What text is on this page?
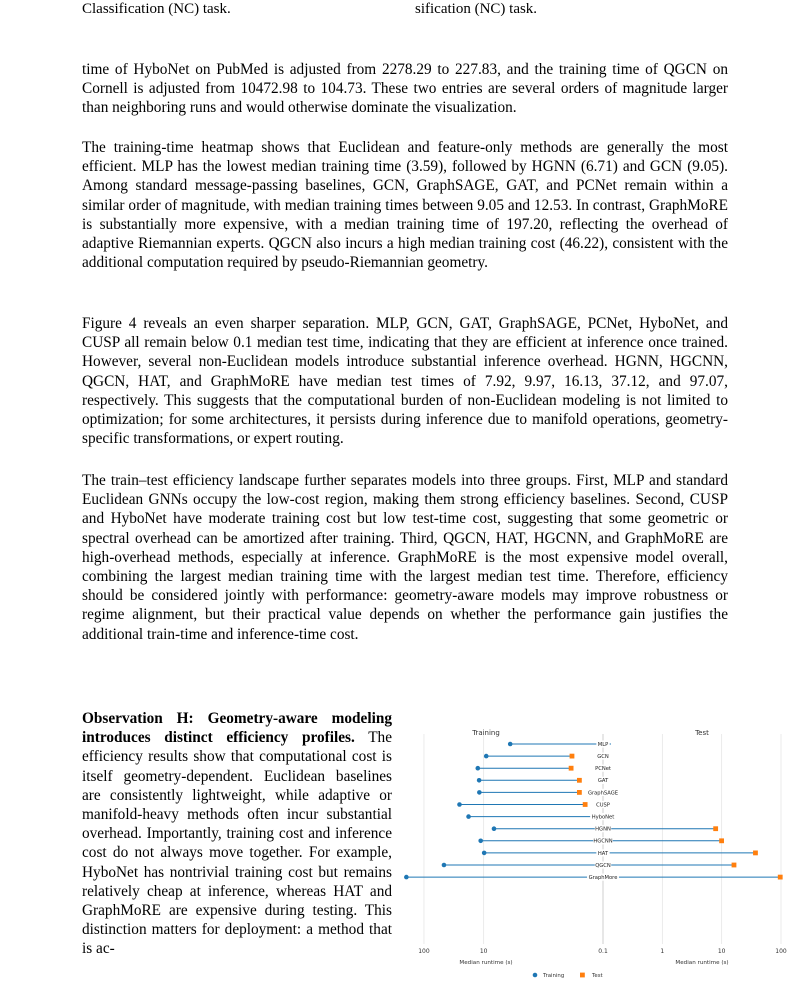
Classification (NC) task.	sification (NC) task.

time of HyboNet on PubMed is adjusted from 2278.29 to 227.83, and the training time of QGCN on Cornell is adjusted from 10472.98 to 104.73. These two entries are several orders of magnitude larger than neighboring runs and would otherwise dominate the visualization.

The training-time heatmap shows that Euclidean and feature-only methods are generally the most efficient. MLP has the lowest median training time (3.59), followed by HGNN (6.71) and GCN (9.05). Among standard message-passing baselines, GCN, GraphSAGE, GAT, and PCNet remain within a similar order of magnitude, with median training times between 9.05 and 12.53. In contrast, GraphMoRE is substantially more expensive, with a median training time of 197.20, reflecting the overhead of adaptive Riemannian experts. QGCN also incurs a high median training cost (46.22), consistent with the additional computation required by pseudo-Riemannian geometry.

Figure 4 reveals an even sharper separation. MLP, GCN, GAT, GraphSAGE, PCNet, HyboNet, and CUSP all remain below 0.1 median test time, indicating that they are efficient at inference once trained. However, several non-Euclidean models introduce substantial inference overhead. HGNN, HGCNN, QGCN, HAT, and GraphMoRE have median test times of 7.92, 9.97, 16.13, 37.12, and 97.07, respectively. This suggests that the computational burden of non-Euclidean modeling is not limited to optimization; for some architectures, it persists during inference due to manifold operations, geometry-specific transformations, or expert routing.

The train–test efficiency landscape further separates models into three groups. First, MLP and standard Euclidean GNNs occupy the low-cost region, making them strong efficiency baselines. Second, CUSP and HyboNet have moderate training cost but low test-time cost, suggesting that some geometric or spectral overhead can be amortized after training. Third, QGCN, HAT, HGCNN, and GraphMoRE are high-overhead methods, especially at inference. GraphMoRE is the most expensive model overall, combining the largest median training time with the largest median test time. Therefore, efficiency should be considered jointly with performance: geometry-aware models may improve robustness or regime alignment, but their practical value depends on whether the performance gain justifies the additional train-time and inference-time cost.

Observation H: Geometry-aware modeling introduces distinct efficiency profiles. The efficiency results show that computational cost is itself geometry-dependent. Euclidean baselines are consistently lightweight, while adaptive or manifold-heavy methods often incur substantial overhead. Importantly, training cost and inference cost do not always move together. For example, HyboNet has nontrivial training cost but remains relatively cheap at inference, whereas HAT and GraphMoRE are expensive during testing. This distinction matters for deployment: a method that is ac-

Training	Test
MLP
GCN
PCNet
GAT
GraphSAGE
CUSP
HyboNet
HGNN
HGCNN
HAT
QGCN
GraphMore
100	10	0.1	1	10	100
Median runtime (s)	Median runtime (s)
Training	Test
